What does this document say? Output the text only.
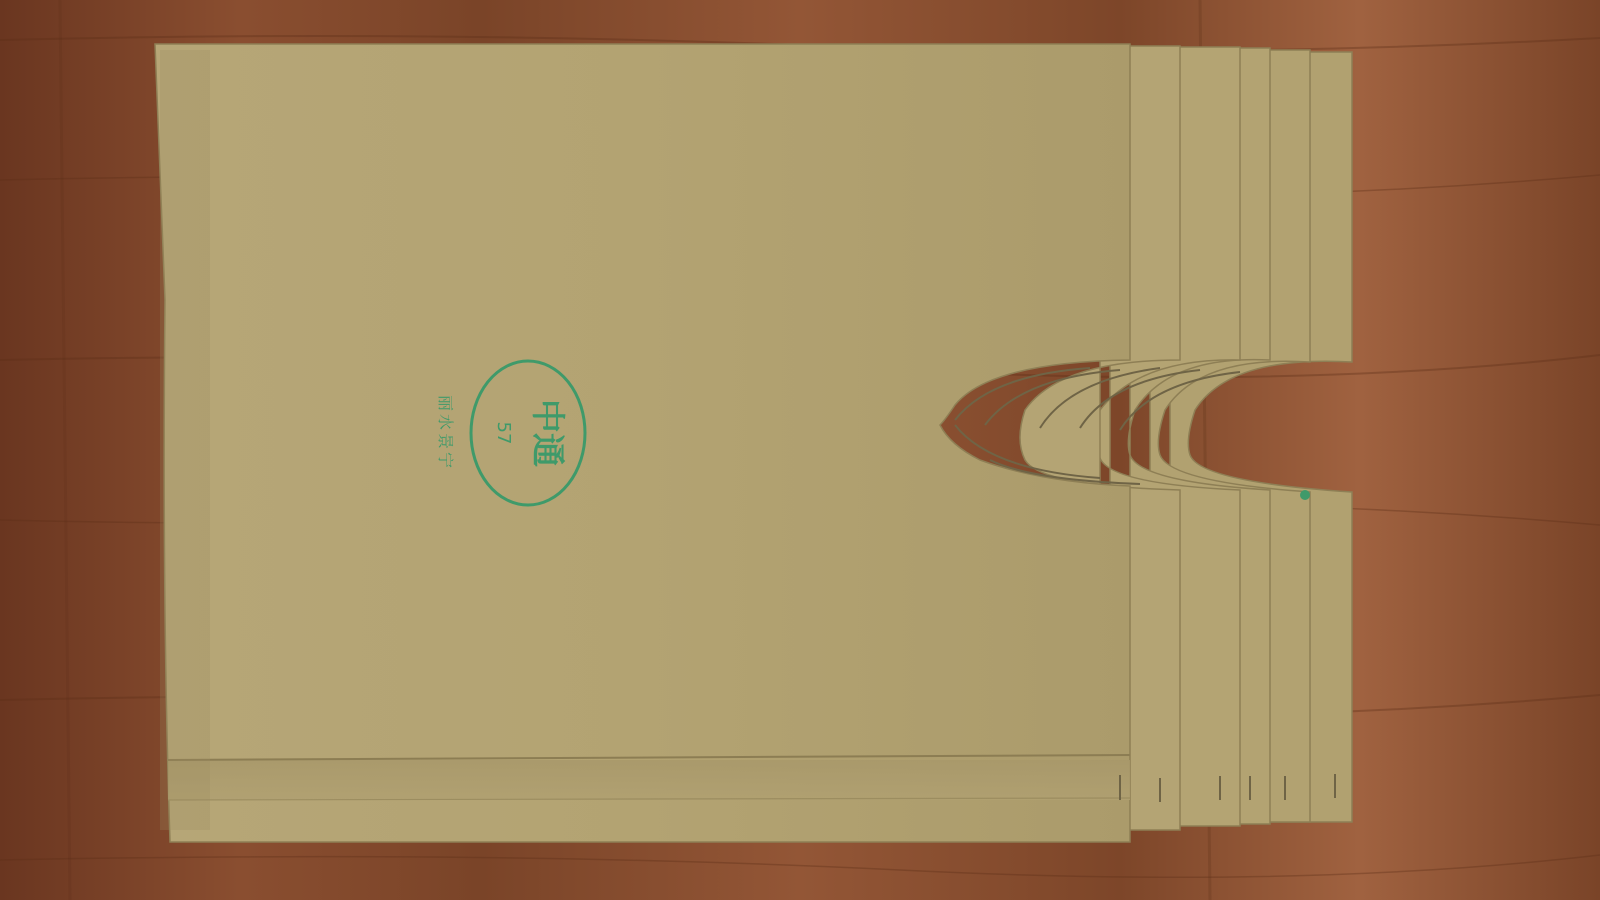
中通
57
丽水景宁
